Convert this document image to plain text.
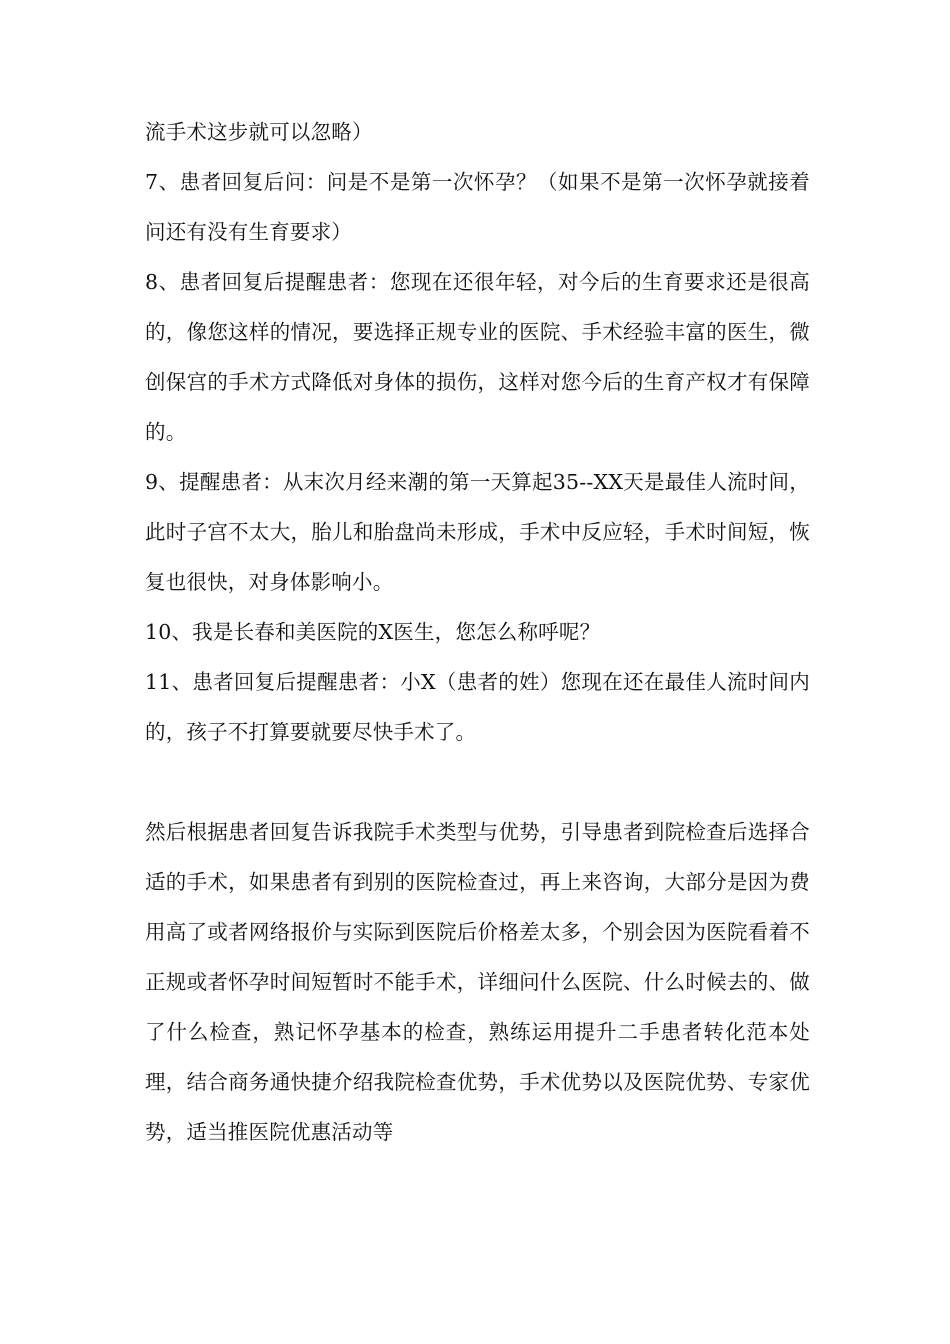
流手术这步就可以忽略）

7、患者回复后问：问是不是第一次怀孕？（如果不是第一次怀孕就接着问还有没有生育要求）

8、患者回复后提醒患者：您现在还很年轻，对今后的生育要求还是很高的，像您这样的情况，要选择正规专业的医院、手术经验丰富的医生，微创保宫的手术方式降低对身体的损伤，这样对您今后的生育产权才有保障的。

9、提醒患者：从末次月经来潮的第一天算起35--XX天是最佳人流时间，此时子宫不太大，胎儿和胎盘尚未形成，手术中反应轻，手术时间短，恢复也很快，对身体影响小。

10、我是长春和美医院的X医生，您怎么称呼呢？

11、患者回复后提醒患者：小X（患者的姓）您现在还在最佳人流时间内的，孩子不打算要就要尽快手术了。

然后根据患者回复告诉我院手术类型与优势，引导患者到院检查后选择合适的手术，如果患者有到别的医院检查过，再上来咨询，大部分是因为费用高了或者网络报价与实际到医院后价格差太多，个别会因为医院看着不正规或者怀孕时间短暂时不能手术，详细问什么医院、什么时候去的、做了什么检查，熟记怀孕基本的检查，熟练运用提升二手患者转化范本处理，结合商务通快捷介绍我院检查优势，手术优势以及医院优势、专家优势，适当推医院优惠活动等
